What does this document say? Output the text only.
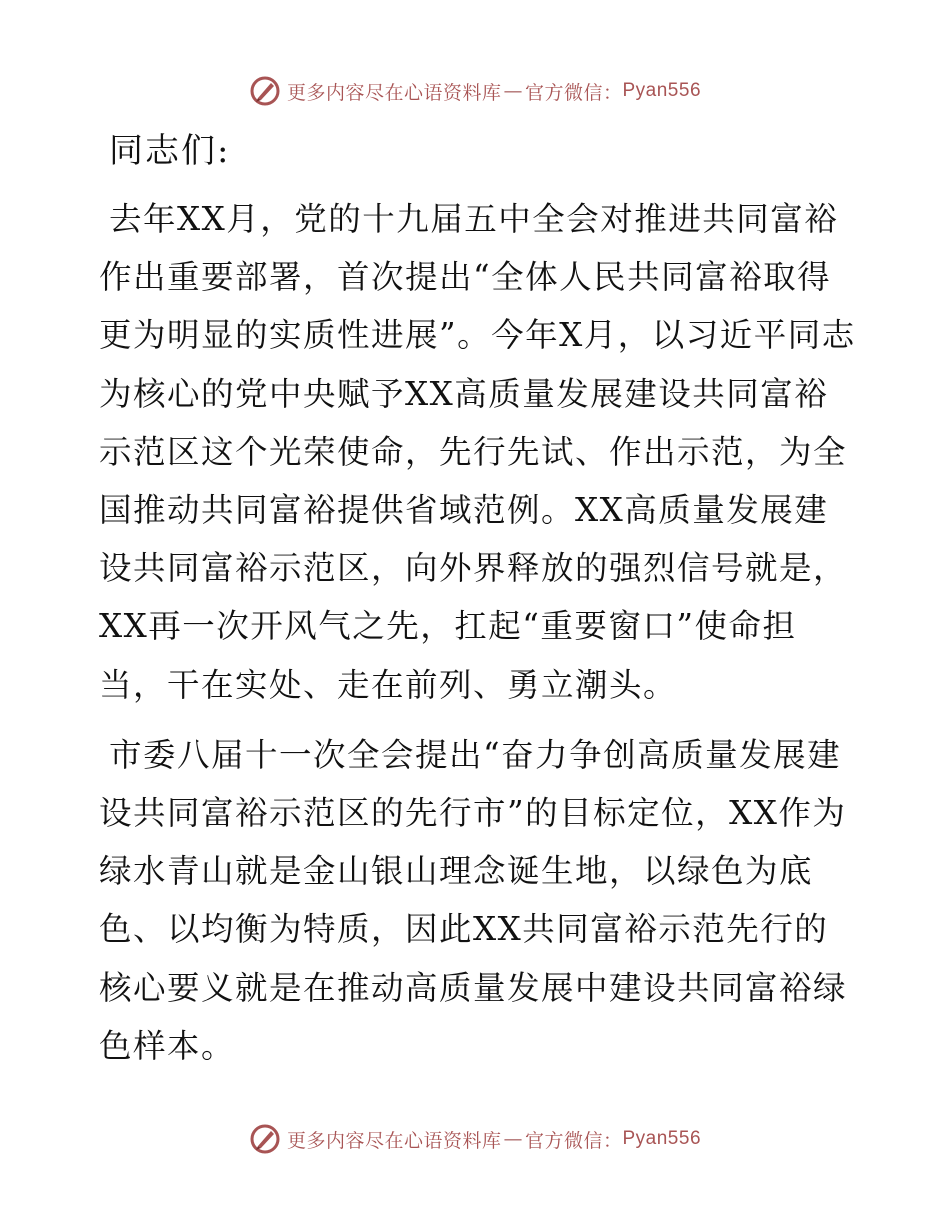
更多内容尽在心语资料库 — 官方微信： Pyan556
同志们:

去年XX月，党的十九届五中全会对推进共同富裕作出重要部署，首次提出“全体人民共同富裕取得更为明显的实质性进展”。今年X月，以习近平同志为核心的党中央赋予XX高质量发展建设共同富裕示范区这个光荣使命，先行先试、作出示范，为全国推动共同富裕提供省域范例。XX高质量发展建设共同富裕示范区，向外界释放的强烈信号就是，XX再一次开风气之先，扛起“重要窗口”使命担当，干在实处、走在前列、勇立潮头。

市委八届十一次全会提出“奋力争创高质量发展建设共同富裕示范区的先行市”的目标定位，XX作为绿水青山就是金山银山理念诞生地，以绿色为底色、以均衡为特质，因此XX共同富裕示范先行的核心要义就是在推动高质量发展中建设共同富裕绿色样本。

更多内容尽在心语资料库 — 官方微信： Pyan556
